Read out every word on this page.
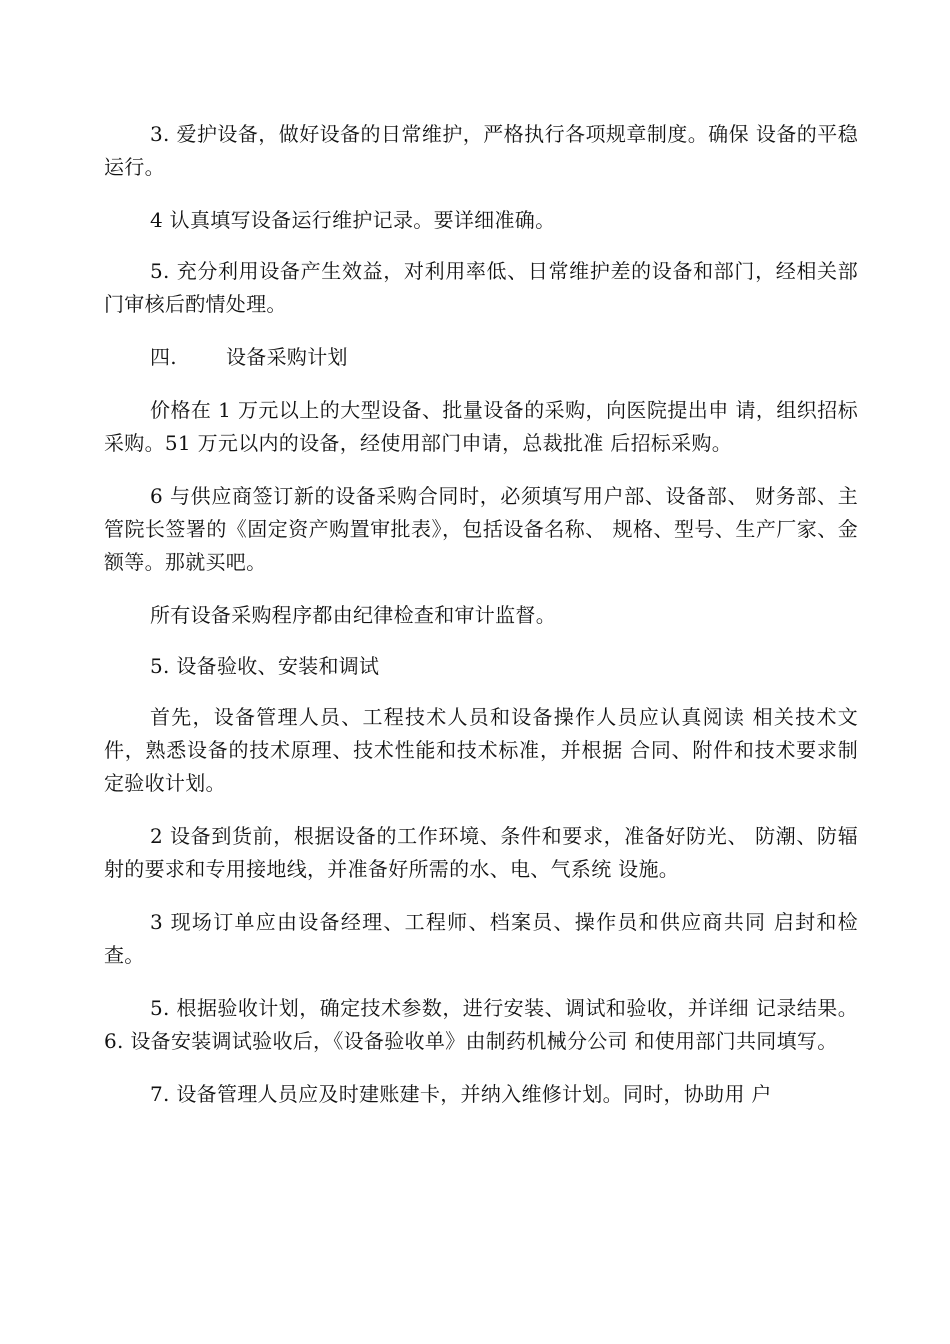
3. 爱护设备，做好设备的日常维护，严格执行各项规章制度。确保 设备的平稳运行。

4 认真填写设备运行维护记录。要详细准确。

5. 充分利用设备产生效益，对利用率低、日常维护差的设备和部门，经相关部门审核后酌情处理。

四. 设备采购计划

价格在 1 万元以上的大型设备、批量设备的采购，向医院提出申 请，组织招标采购。51 万元以内的设备，经使用部门申请，总裁批准 后招标采购。

6 与供应商签订新的设备采购合同时，必须填写用户部、设备部、 财务部、主管院长签署的《固定资产购置审批表》，包括设备名称、 规格、型号、生产厂家、金额等。那就买吧。

所有设备采购程序都由纪律检查和审计监督。

5. 设备验收、安装和调试

首先，设备管理人员、工程技术人员和设备操作人员应认真阅读 相关技术文件，熟悉设备的技术原理、技术性能和技术标准，并根据 合同、附件和技术要求制定验收计划。

2 设备到货前，根据设备的工作环境、条件和要求，准备好防光、 防潮、防辐射的要求和专用接地线，并准备好所需的水、电、气系统 设施。

3 现场订单应由设备经理、工程师、档案员、操作员和供应商共同 启封和检查。

5. 根据验收计划，确定技术参数，进行安装、调试和验收，并详细 记录结果。6. 设备安装调试验收后，《设备验收单》由制药机械分公司 和使用部门共同填写。

7. 设备管理人员应及时建账建卡，并纳入维修计划。同时，协助用 户
